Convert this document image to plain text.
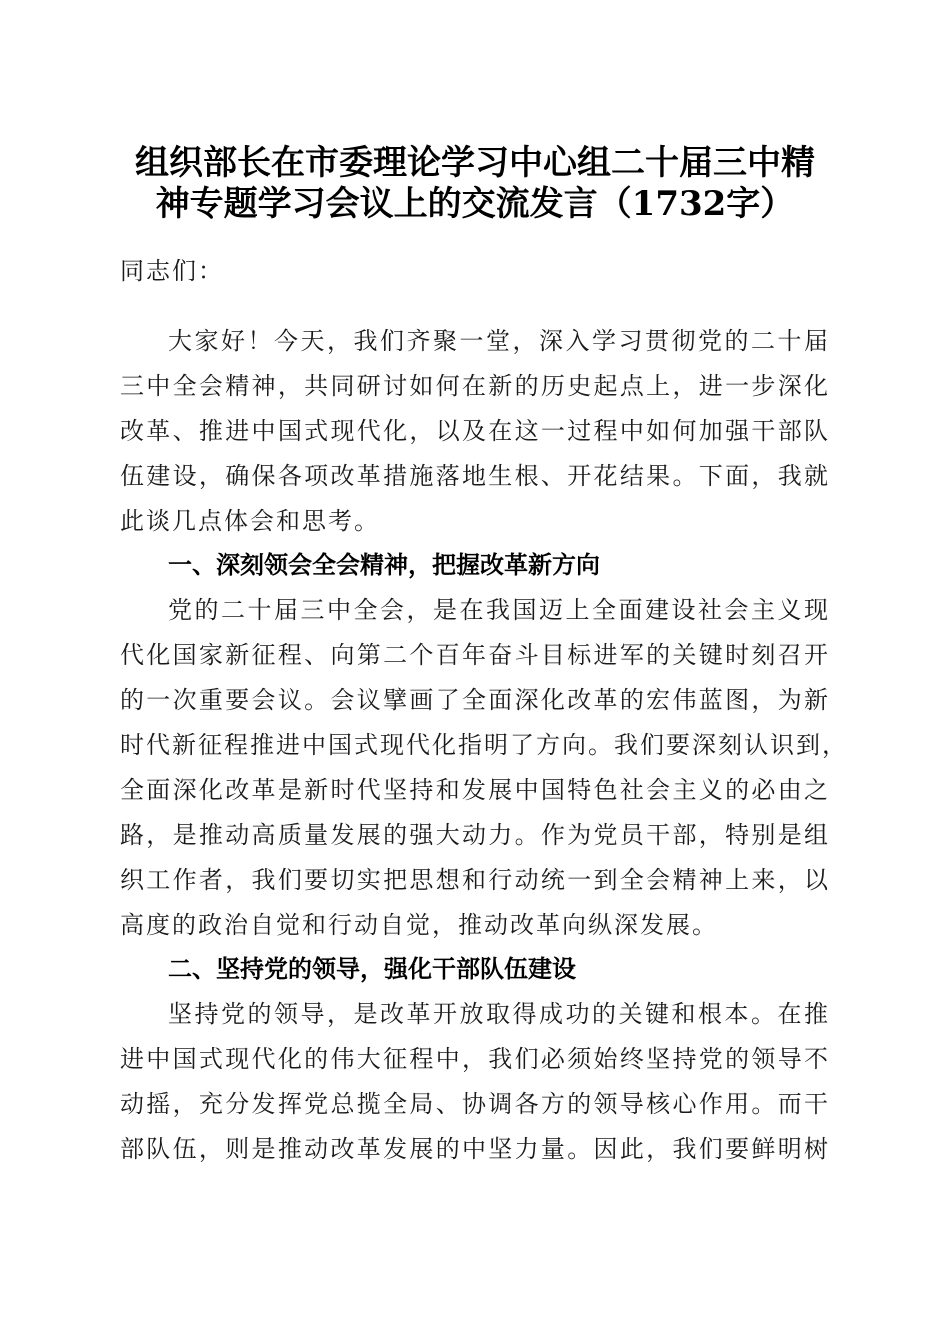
组织部长在市委理论学习中心组二十届三中精
神专题学习会议上的交流发言（1732字）

同志们：

大家好！今天，我们齐聚一堂，深入学习贯彻党的二十届

三中全会精神，共同研讨如何在新的历史起点上，进一步深化

改革、推进中国式现代化，以及在这一过程中如何加强干部队

伍建设，确保各项改革措施落地生根、开花结果。下面，我就

此谈几点体会和思考。

一、深刻领会全会精神，把握改革新方向

党的二十届三中全会，是在我国迈上全面建设社会主义现

代化国家新征程、向第二个百年奋斗目标进军的关键时刻召开

的一次重要会议。会议擘画了全面深化改革的宏伟蓝图，为新

时代新征程推进中国式现代化指明了方向。我们要深刻认识到，

全面深化改革是新时代坚持和发展中国特色社会主义的必由之

路，是推动高质量发展的强大动力。作为党员干部，特别是组

织工作者，我们要切实把思想和行动统一到全会精神上来，以

高度的政治自觉和行动自觉，推动改革向纵深发展。

二、坚持党的领导，强化干部队伍建设

坚持党的领导，是改革开放取得成功的关键和根本。在推

进中国式现代化的伟大征程中，我们必须始终坚持党的领导不

动摇，充分发挥党总揽全局、协调各方的领导核心作用。而干

部队伍，则是推动改革发展的中坚力量。因此，我们要鲜明树
